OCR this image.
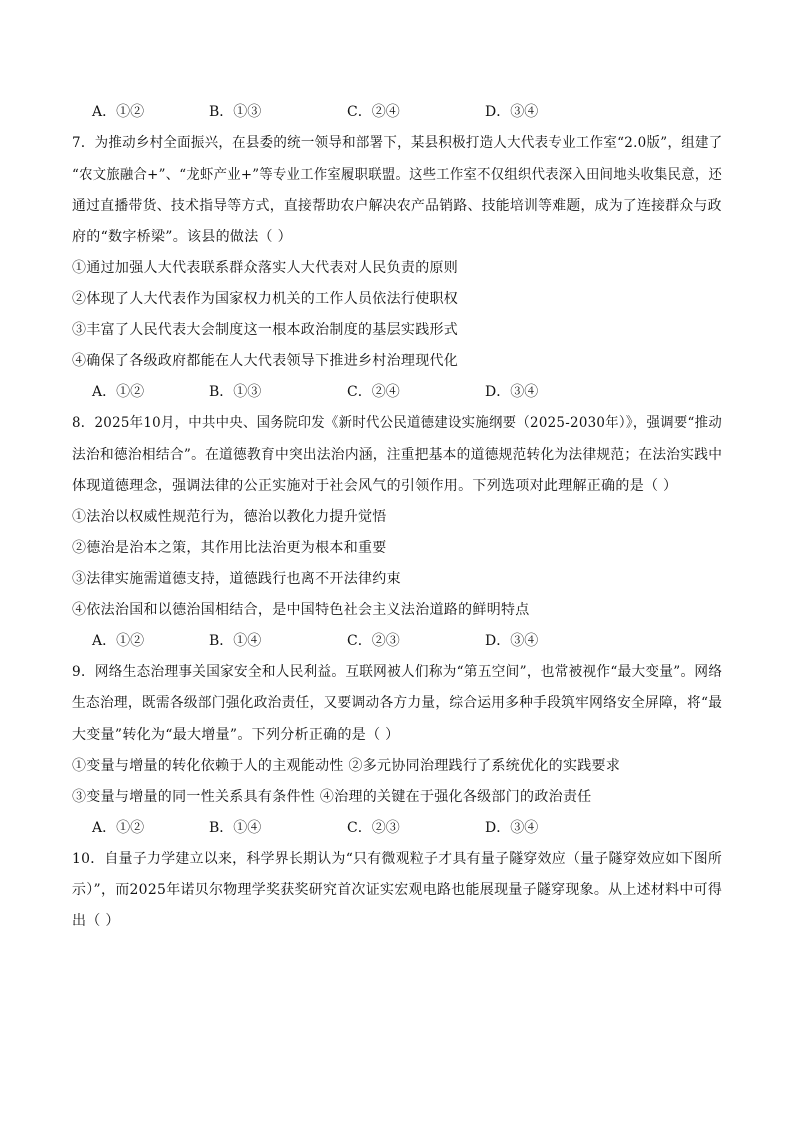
A．①②	B．①③	C．②④	D．③④
7．为推动乡村全面振兴，在县委的统一领导和部署下，某县积极打造人大代表专业工作室“2.0版”，组建了
“农文旅融合+”、“龙虾产业+”等专业工作室履职联盟。这些工作室不仅组织代表深入田间地头收集民意，还
通过直播带货、技术指导等方式，直接帮助农户解决农产品销路、技能培训等难题，成为了连接群众与政
府的“数字桥梁”。该县的做法（ ）
①通过加强人大代表联系群众落实人大代表对人民负责的原则
②体现了人大代表作为国家权力机关的工作人员依法行使职权
③丰富了人民代表大会制度这一根本政治制度的基层实践形式
④确保了各级政府都能在人大代表领导下推进乡村治理现代化
A．①②	B．①③	C．②④	D．③④
8．2025年10月，中共中央、国务院印发《新时代公民道德建设实施纲要（2025-2030年）》，强调要“推动
法治和德治相结合”。在道德教育中突出法治内涵，注重把基本的道德规范转化为法律规范；在法治实践中
体现道德理念，强调法律的公正实施对于社会风气的引领作用。下列选项对此理解正确的是（ ）
①法治以权威性规范行为，德治以教化力提升觉悟
②德治是治本之策，其作用比法治更为根本和重要
③法律实施需道德支持，道德践行也离不开法律约束
④依法治国和以德治国相结合，是中国特色社会主义法治道路的鲜明特点
A．①②	B．①④	C．②③	D．③④
9．网络生态治理事关国家安全和人民利益。互联网被人们称为“第五空间”，也常被视作“最大变量”。网络
生态治理，既需各级部门强化政治责任，又要调动各方力量，综合运用多种手段筑牢网络安全屏障，将“最
大变量”转化为“最大增量”。下列分析正确的是（ ）
①变量与增量的转化依赖于人的主观能动性 ②多元协同治理践行了系统优化的实践要求
③变量与增量的同一性关系具有条件性 ④治理的关键在于强化各级部门的政治责任
A．①②	B．①④	C．②③	D．③④
10．自量子力学建立以来，科学界长期认为“只有微观粒子才具有量子隧穿效应（量子隧穿效应如下图所
示）”，而2025年诺贝尔物理学奖获奖研究首次证实宏观电路也能展现量子隧穿现象。从上述材料中可得
出（ ）
